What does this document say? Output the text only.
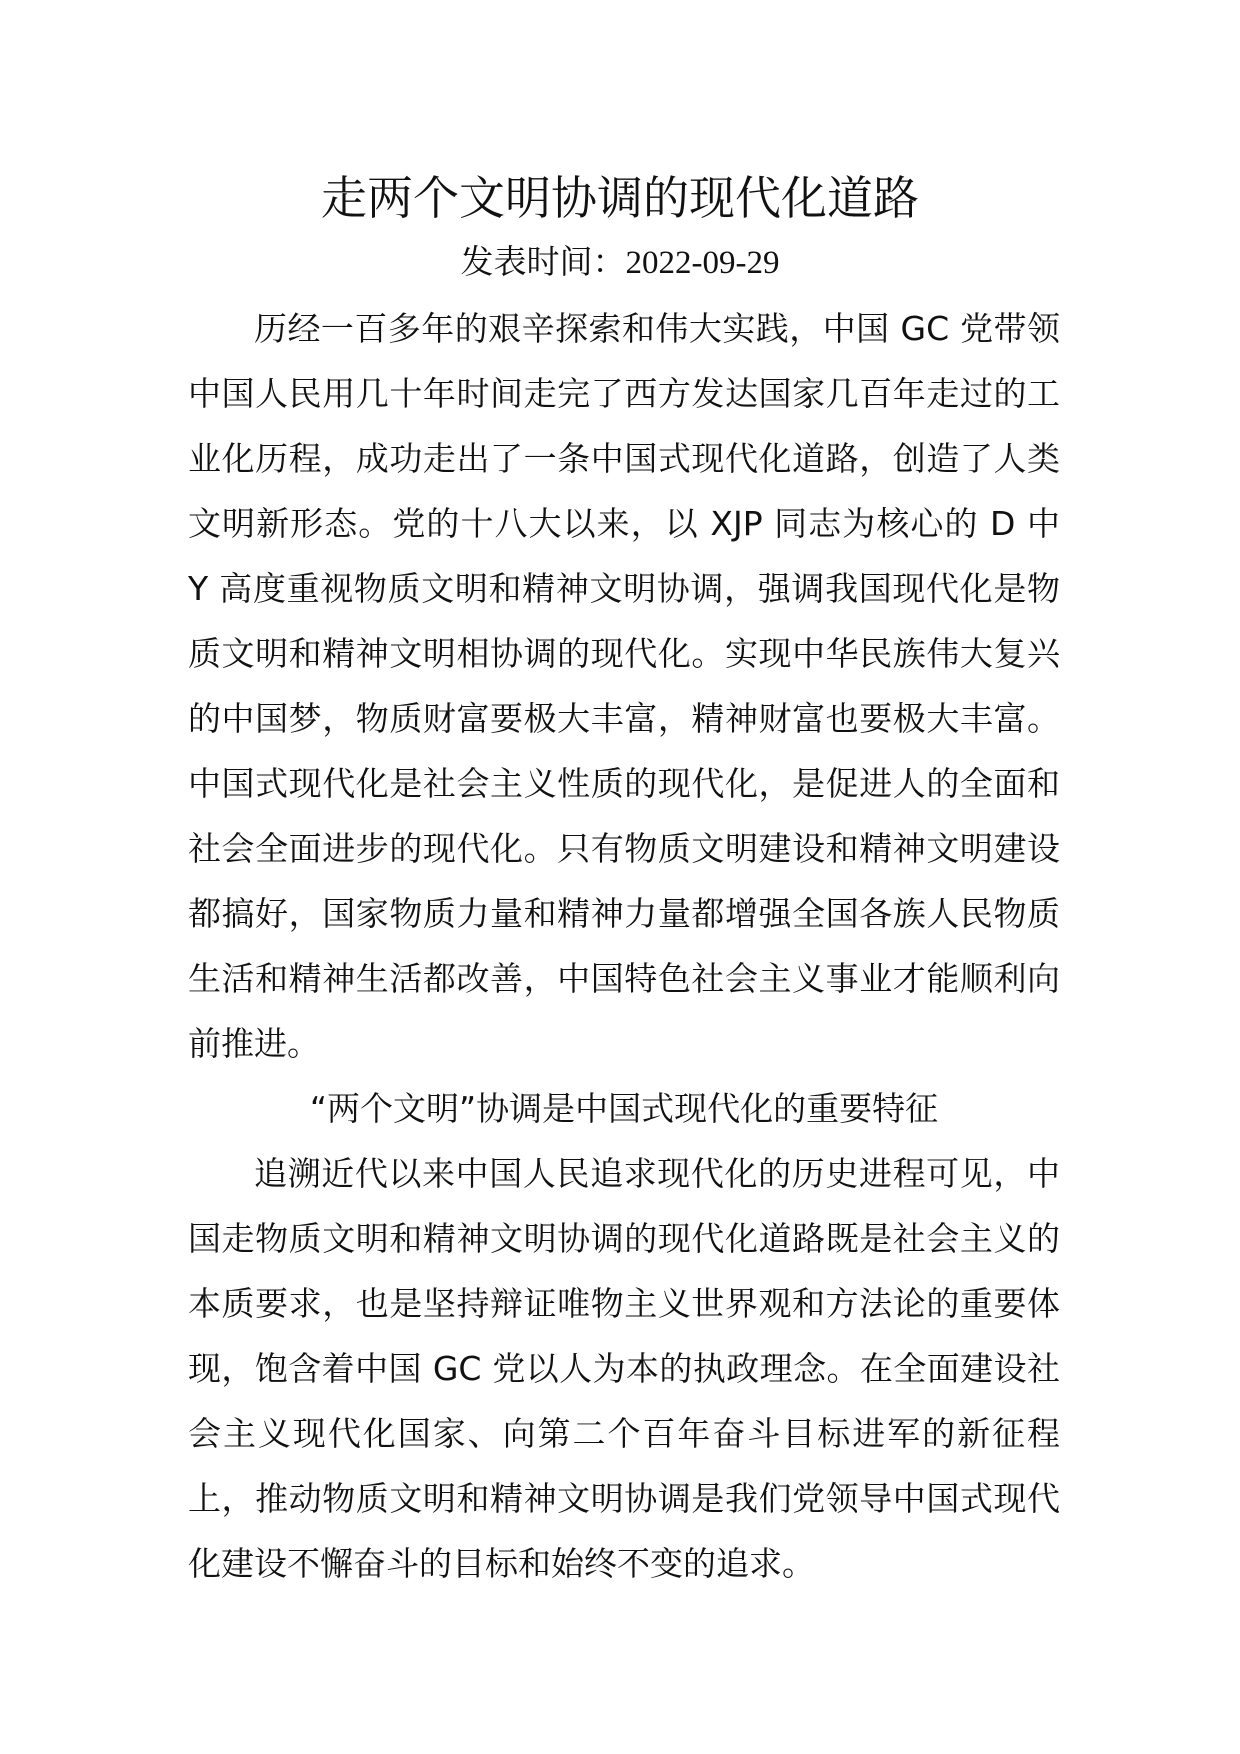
走两个文明协调的现代化道路

发表时间：2022-09-29

历经一百多年的艰辛探索和伟大实践，中国 GC 党带领中国人民用几十年时间走完了西方发达国家几百年走过的工业化历程，成功走出了一条中国式现代化道路，创造了人类文明新形态。党的十八大以来，以 XJP 同志为核心的 D 中 Y 高度重视物质文明和精神文明协调，强调我国现代化是物质文明和精神文明相协调的现代化。实现中华民族伟大复兴的中国梦，物质财富要极大丰富，精神财富也要极大丰富。中国式现代化是社会主义性质的现代化，是促进人的全面和社会全面进步的现代化。只有物质文明建设和精神文明建设都搞好，国家物质力量和精神力量都增强全国各族人民物质生活和精神生活都改善，中国特色社会主义事业才能顺利向前推进。

“两个文明”协调是中国式现代化的重要特征

追溯近代以来中国人民追求现代化的历史进程可见，中国走物质文明和精神文明协调的现代化道路既是社会主义的本质要求，也是坚持辩证唯物主义世界观和方法论的重要体现，饱含着中国 GC 党以人为本的执政理念。在全面建设社会主义现代化国家、向第二个百年奋斗目标进军的新征程上，推动物质文明和精神文明协调是我们党领导中国式现代化建设不懈奋斗的目标和始终不变的追求。
